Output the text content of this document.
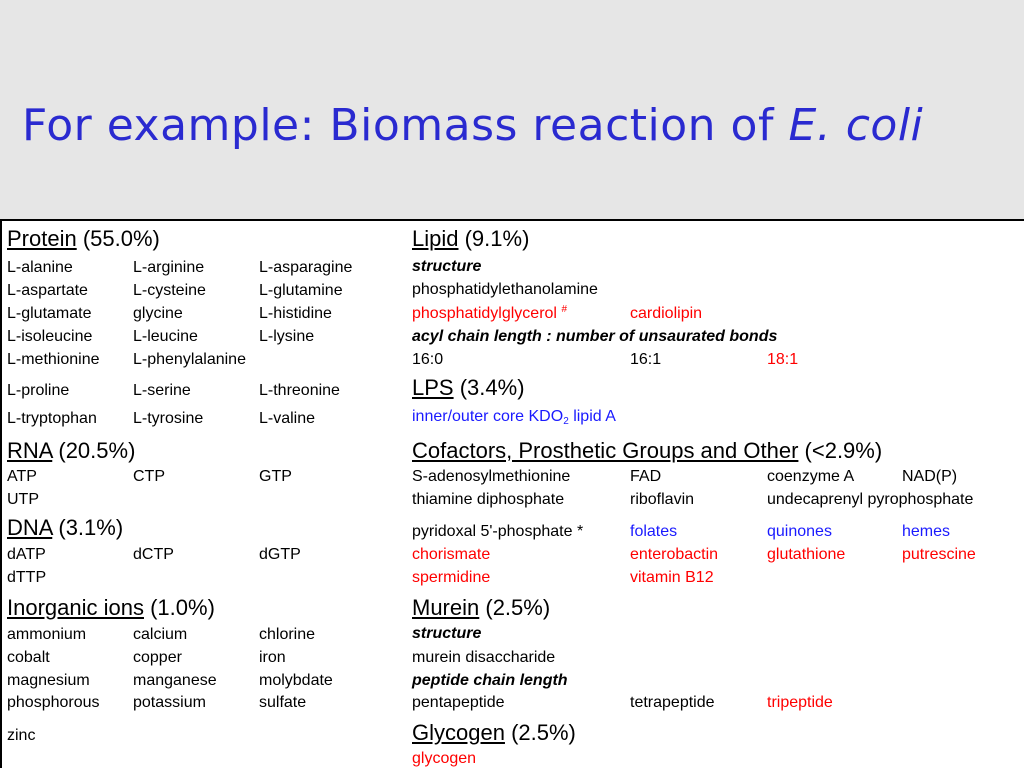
For example: Biomass reaction of E. coli
Protein (55.0%)
L-alanine	L-arginine	L-asparagine
L-aspartate	L-cysteine	L-glutamine
L-glutamate	glycine	L-histidine
L-isoleucine	L-leucine	L-lysine
L-methionine L-phenylalanine
L-proline	L-serine	L-threonine
L-tryptophan L-tyrosine	L-valine
RNA (20.5%)
ATP	CTP	GTP
UTP
DNA (3.1%)
dATP	dCTP	dGTP
dTTP
Inorganic ions (1.0%)
ammonium	calcium	chlorine
cobalt	copper	iron
magnesium	manganese	molybdate
phosphorous potassium	sulfate
zinc
Lipid (9.1%)
structure
phosphatidylethanolamine
phosphatidylglycerol #	cardiolipin
acyl chain length : number of unsaurated bonds
16:0	16:1	18:1
LPS (3.4%)
inner/outer core $KDO_2$ lipid A
Cofactors, Prosthetic Groups and Other (<2.9%)
S-adenosylmethionine	FAD	coenzyme A	NAD(P)
thiamine diphosphate	riboflavin	undecaprenyl pyrophosphate
pyridoxal 5'-phosphate *	folates	quinones	hemes
chorismate	enterobactin	glutathione	putrescine
spermidine	vitamin B12
Murein (2.5%)
structure
murein disaccharide
peptide chain length
pentapeptide	tetrapeptide	tripeptide
Glycogen (2.5%)
glycogen
